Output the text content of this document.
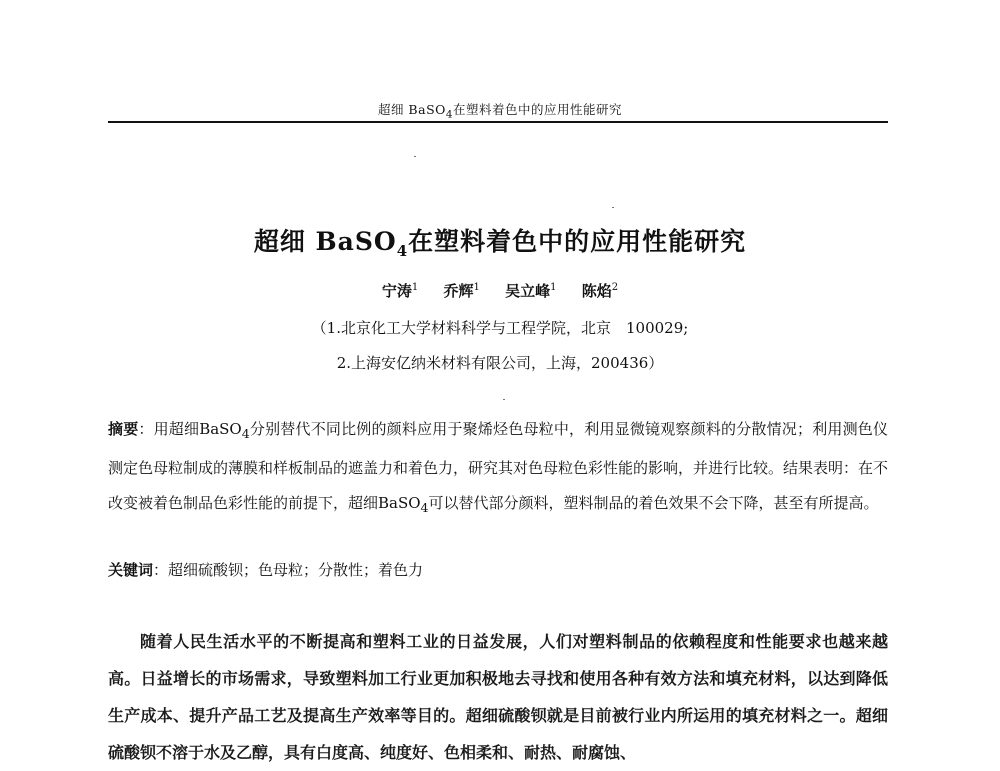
超细 BaSO$_4$在塑料着色中的应用性能研究
超细 BaSO$_4$在塑料着色中的应用性能研究
宁涛$^1$ 乔辉$^1$ 吴立峰$^1$ 陈焰$^2$
（1.北京化工大学材料科学与工程学院，北京　100029;
2.上海安亿纳米材料有限公司，上海，200436）
摘要：用超细BaSO$_4$分别替代不同比例的颜料应用于聚烯烃色母粒中，利用显微镜观察颜料的分散情况；利用测色仪测定色母粒制成的薄膜和样板制品的遮盖力和着色力，研究其对色母粒色彩性能的影响，并进行比较。结果表明：在不改变被着色制品色彩性能的前提下，超细BaSO$_4$可以替代部分颜料，塑料制品的着色效果不会下降，甚至有所提高。
关键词：超细硫酸钡；色母粒；分散性；着色力
随着人民生活水平的不断提高和塑料工业的日益发展，人们对塑料制品的依赖程度和性能要求也越来越高。日益增长的市场需求，导致塑料加工行业更加积极地去寻找和使用各种有效方法和填充材料，以达到降低生产成本、提升产品工艺及提高生产效率等目的。超细硫酸钡就是目前被行业内所运用的填充材料之一。超细硫酸钡不溶于水及乙醇，具有白度高、纯度好、色相柔和、耐热、耐腐蚀、
